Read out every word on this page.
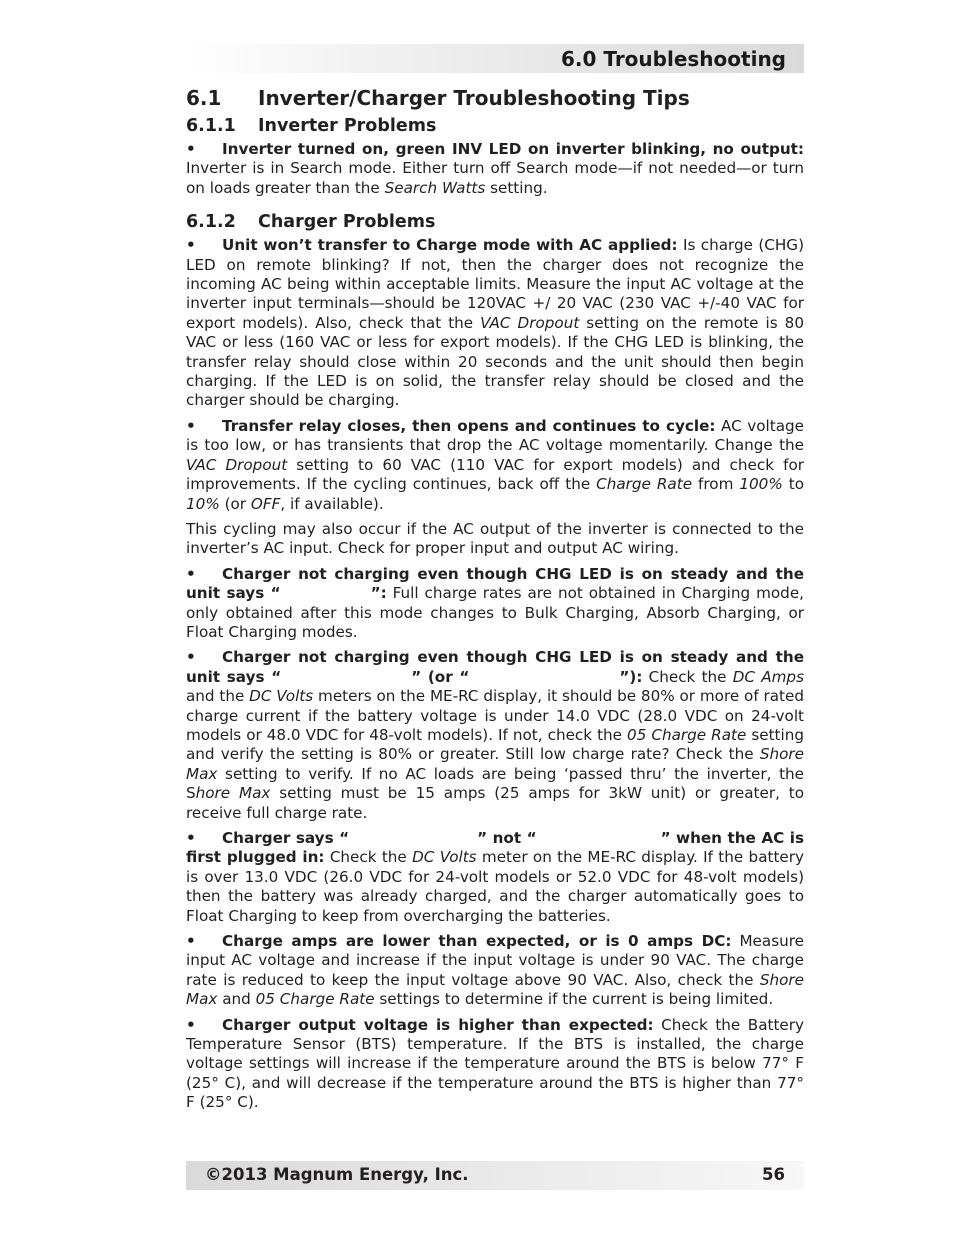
6.0 Troubleshooting
6.1 Inverter/Charger Troubleshooting Tips
6.1.1 Inverter Problems

• Inverter turned on, green INV LED on inverter blinking, no output: Inverter is in Search mode. Either turn off Search mode—if not needed—or turn on loads greater than the Search Watts setting.

6.1.2 Charger Problems

• Unit won’t transfer to Charge mode with AC applied: Is charge (CHG) LED on remote blinking? If not, then the charger does not recognize the incoming AC being within acceptable limits. Measure the input AC voltage at the inverter input terminals—should be 120VAC +/ 20 VAC (230 VAC +/-40 VAC for export models). Also, check that the VAC Dropout setting on the remote is 80 VAC or less (160 VAC or less for export models). If the CHG LED is blinking, the transfer relay should close within 20 seconds and the unit should then begin charging. If the LED is on solid, the transfer relay should be closed and the charger should be charging.

• Transfer relay closes, then opens and continues to cycle: AC voltage is too low, or has transients that drop the AC voltage momentarily. Change the VAC Dropout setting to 60 VAC (110 VAC for export models) and check for improvements. If the cycling continues, back off the Charge Rate from 100% to 10% (or OFF, if available).

This cycling may also occur if the AC output of the inverter is connected to the inverter’s AC input. Check for proper input and output AC wiring.

• Charger not charging even though CHG LED is on steady and the unit says “	”: Full charge rates are not obtained in Charging mode, only obtained after this mode changes to Bulk Charging, Absorb Charging, or Float Charging modes.

• Charger not charging even though CHG LED is on steady and the unit says “	” (or “	”): Check the DC Amps and the DC Volts meters on the ME-RC display, it should be 80% or more of rated charge current if the battery voltage is under 14.0 VDC (28.0 VDC on 24-volt models or 48.0 VDC for 48-volt models). If not, check the 05 Charge Rate setting and verify the setting is 80% or greater. Still low charge rate? Check the Shore Max setting to verify. If no AC loads are being ‘passed thru’ the inverter, the Shore Max setting must be 15 amps (25 amps for 3kW unit) or greater, to receive full charge rate.

• Charger says “	” not “	” when the AC is first plugged in: Check the DC Volts meter on the ME-RC display. If the battery is over 13.0 VDC (26.0 VDC for 24-volt models or 52.0 VDC for 48-volt models) then the battery was already charged, and the charger automatically goes to Float Charging to keep from overcharging the batteries.

• Charge amps are lower than expected, or is 0 amps DC: Measure input AC voltage and increase if the input voltage is under 90 VAC. The charge rate is reduced to keep the input voltage above 90 VAC. Also, check the Shore Max and 05 Charge Rate settings to determine if the current is being limited.

• Charger output voltage is higher than expected: Check the Battery Temperature Sensor (BTS) temperature. If the BTS is installed, the charge voltage settings will increase if the temperature around the BTS is below 77° F (25° C), and will decrease if the temperature around the BTS is higher than 77° F (25° C).

©2013 Magnum Energy, Inc.	56
